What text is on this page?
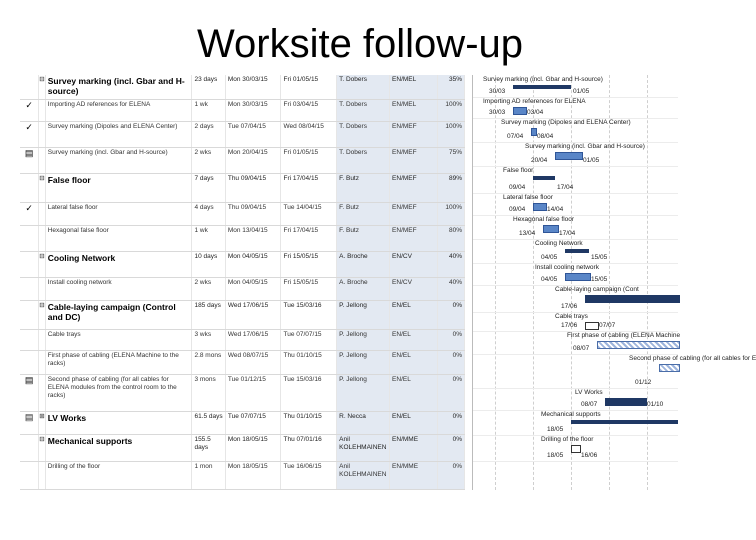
Worksite follow-up
	⊟	Survey marking (incl. Gbar and H- source)	23 days	Mon 30/03/15	Fri 01/05/15	T. Dobers	EN/MEL	35%
✓		Importing AD references for ELENA	1 wk	Mon 30/03/15	Fri 03/04/15	T. Dobers	EN/MEL	100%
✓		Survey marking (Dipoles and ELENA Center)	2 days	Tue 07/04/15	Wed 08/04/15	T. Dobers	EN/MEF	100%
▤		Survey marking (incl. Gbar and H-source)	2 wks	Mon 20/04/15	Fri 01/05/15	T. Dobers	EN/MEF	75%
	⊟	False floor	7 days	Thu 09/04/15	Fri 17/04/15	F. Butz	EN/MEF	89%
✓		Lateral false floor	4 days	Thu 09/04/15	Tue 14/04/15	F. Butz	EN/MEF	100%
		Hexagonal false floor	1 wk	Mon 13/04/15	Fri 17/04/15	F. Butz	EN/MEF	80%
	⊟	Cooling Network	10 days	Mon 04/05/15	Fri 15/05/15	A. Broche	EN/CV	40%
		Install cooling network	2 wks	Mon 04/05/15	Fri 15/05/15	A. Broche	EN/CV	40%
	⊟	Cable-laying campaign (Control and DC)	185 days	Wed 17/06/15	Tue 15/03/16	P. Jellong	EN/EL	0%
		Cable trays	3 wks	Wed 17/06/15	Tue 07/07/15	P. Jellong	EN/EL	0%
		First phase of cabling (ELENA Machine to the racks)	2.8 mons	Wed 08/07/15	Thu 01/10/15	P. Jellong	EN/EL	0%
▤		Second phase of cabling (for all cables for ELENA modules from the control room to the racks)	3 mons	Tue 01/12/15	Tue 15/03/16	P. Jellong	EN/EL	0%
▤	⊞	LV Works	61.5 days	Tue 07/07/15	Thu 01/10/15	R. Necca	EN/EL	0%
	⊟	Mechanical supports	155.5 days	Mon 18/05/15	Thu 07/01/16	Anil KOLEHMAINEN	EN/MME	0%
		Drilling of the floor	1 mon	Mon 18/05/15	Tue 16/06/15	Anil KOLEHMAINEN	EN/MME	0%
Survey marking (incl. Gbar and H-source)
30/03	01/05
Importing AD references for ELENA
30/03	03/04
Survey marking (Dipoles and ELENA Center)
07/04 08/04
Survey marking (incl. Gbar and H-source)
20/04	01/05
False floor
09/04	17/04
Lateral false floor
09/04	14/04
Hexagonal false floor
13/04	17/04
Cooling Network
04/05	15/05
Install cooling network
04/05	15/05
Cable-laying campaign (Cont
17/06
Cable trays
17/06	07/07
First phase of cabling (ELENA Machine
08/07
Second phase of cabling (for all cables for E
01/12
LV Works
08/07	01/10
Mechanical supports
18/05
Drilling of the floor
18/05	16/06
